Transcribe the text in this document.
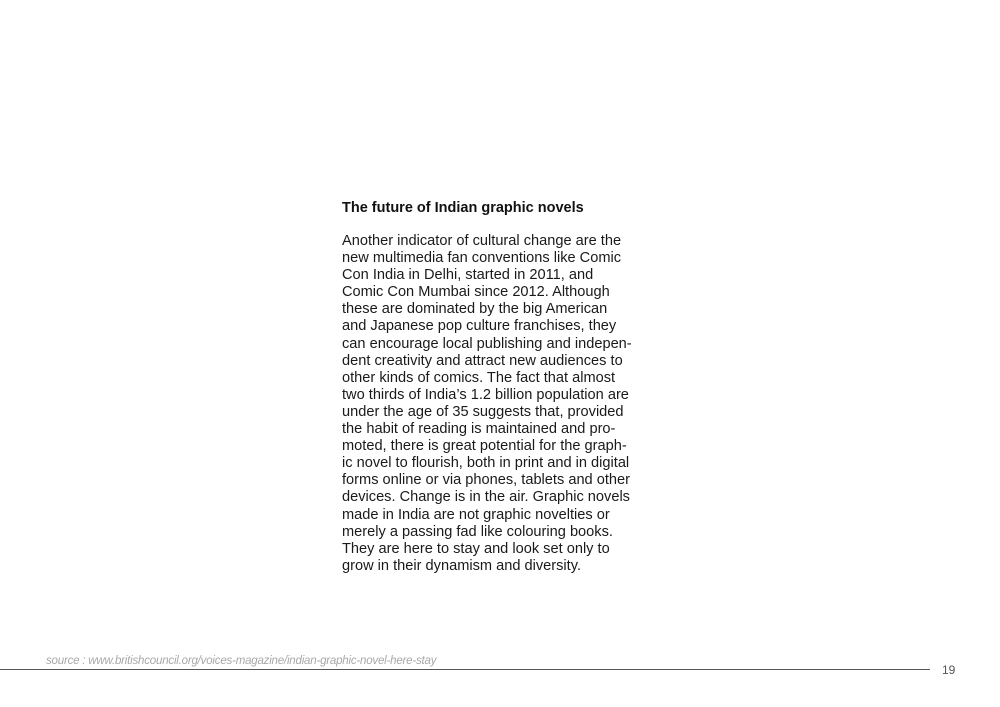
The future of Indian graphic novels
Another indicator of cultural change are the
new multimedia fan conventions like Comic
Con India in Delhi, started in 2011, and
Comic Con Mumbai since 2012. Although
these are dominated by the big American
and Japanese pop culture franchises, they
can encourage local publishing and indepen-
dent creativity and attract new audiences to
other kinds of comics. The fact that almost
two thirds of India’s 1.2 billion population are
under the age of 35 suggests that, provided
the habit of reading is maintained and pro-
moted, there is great potential for the graph-
ic novel to flourish, both in print and in digital
forms online or via phones, tablets and other
devices. Change is in the air. Graphic novels
made in India are not graphic novelties or
merely a passing fad like colouring books.
They are here to stay and look set only to
grow in their dynamism and diversity.
source : www.britishcouncil.org/voices-magazine/indian-graphic-novel-here-stay
19
